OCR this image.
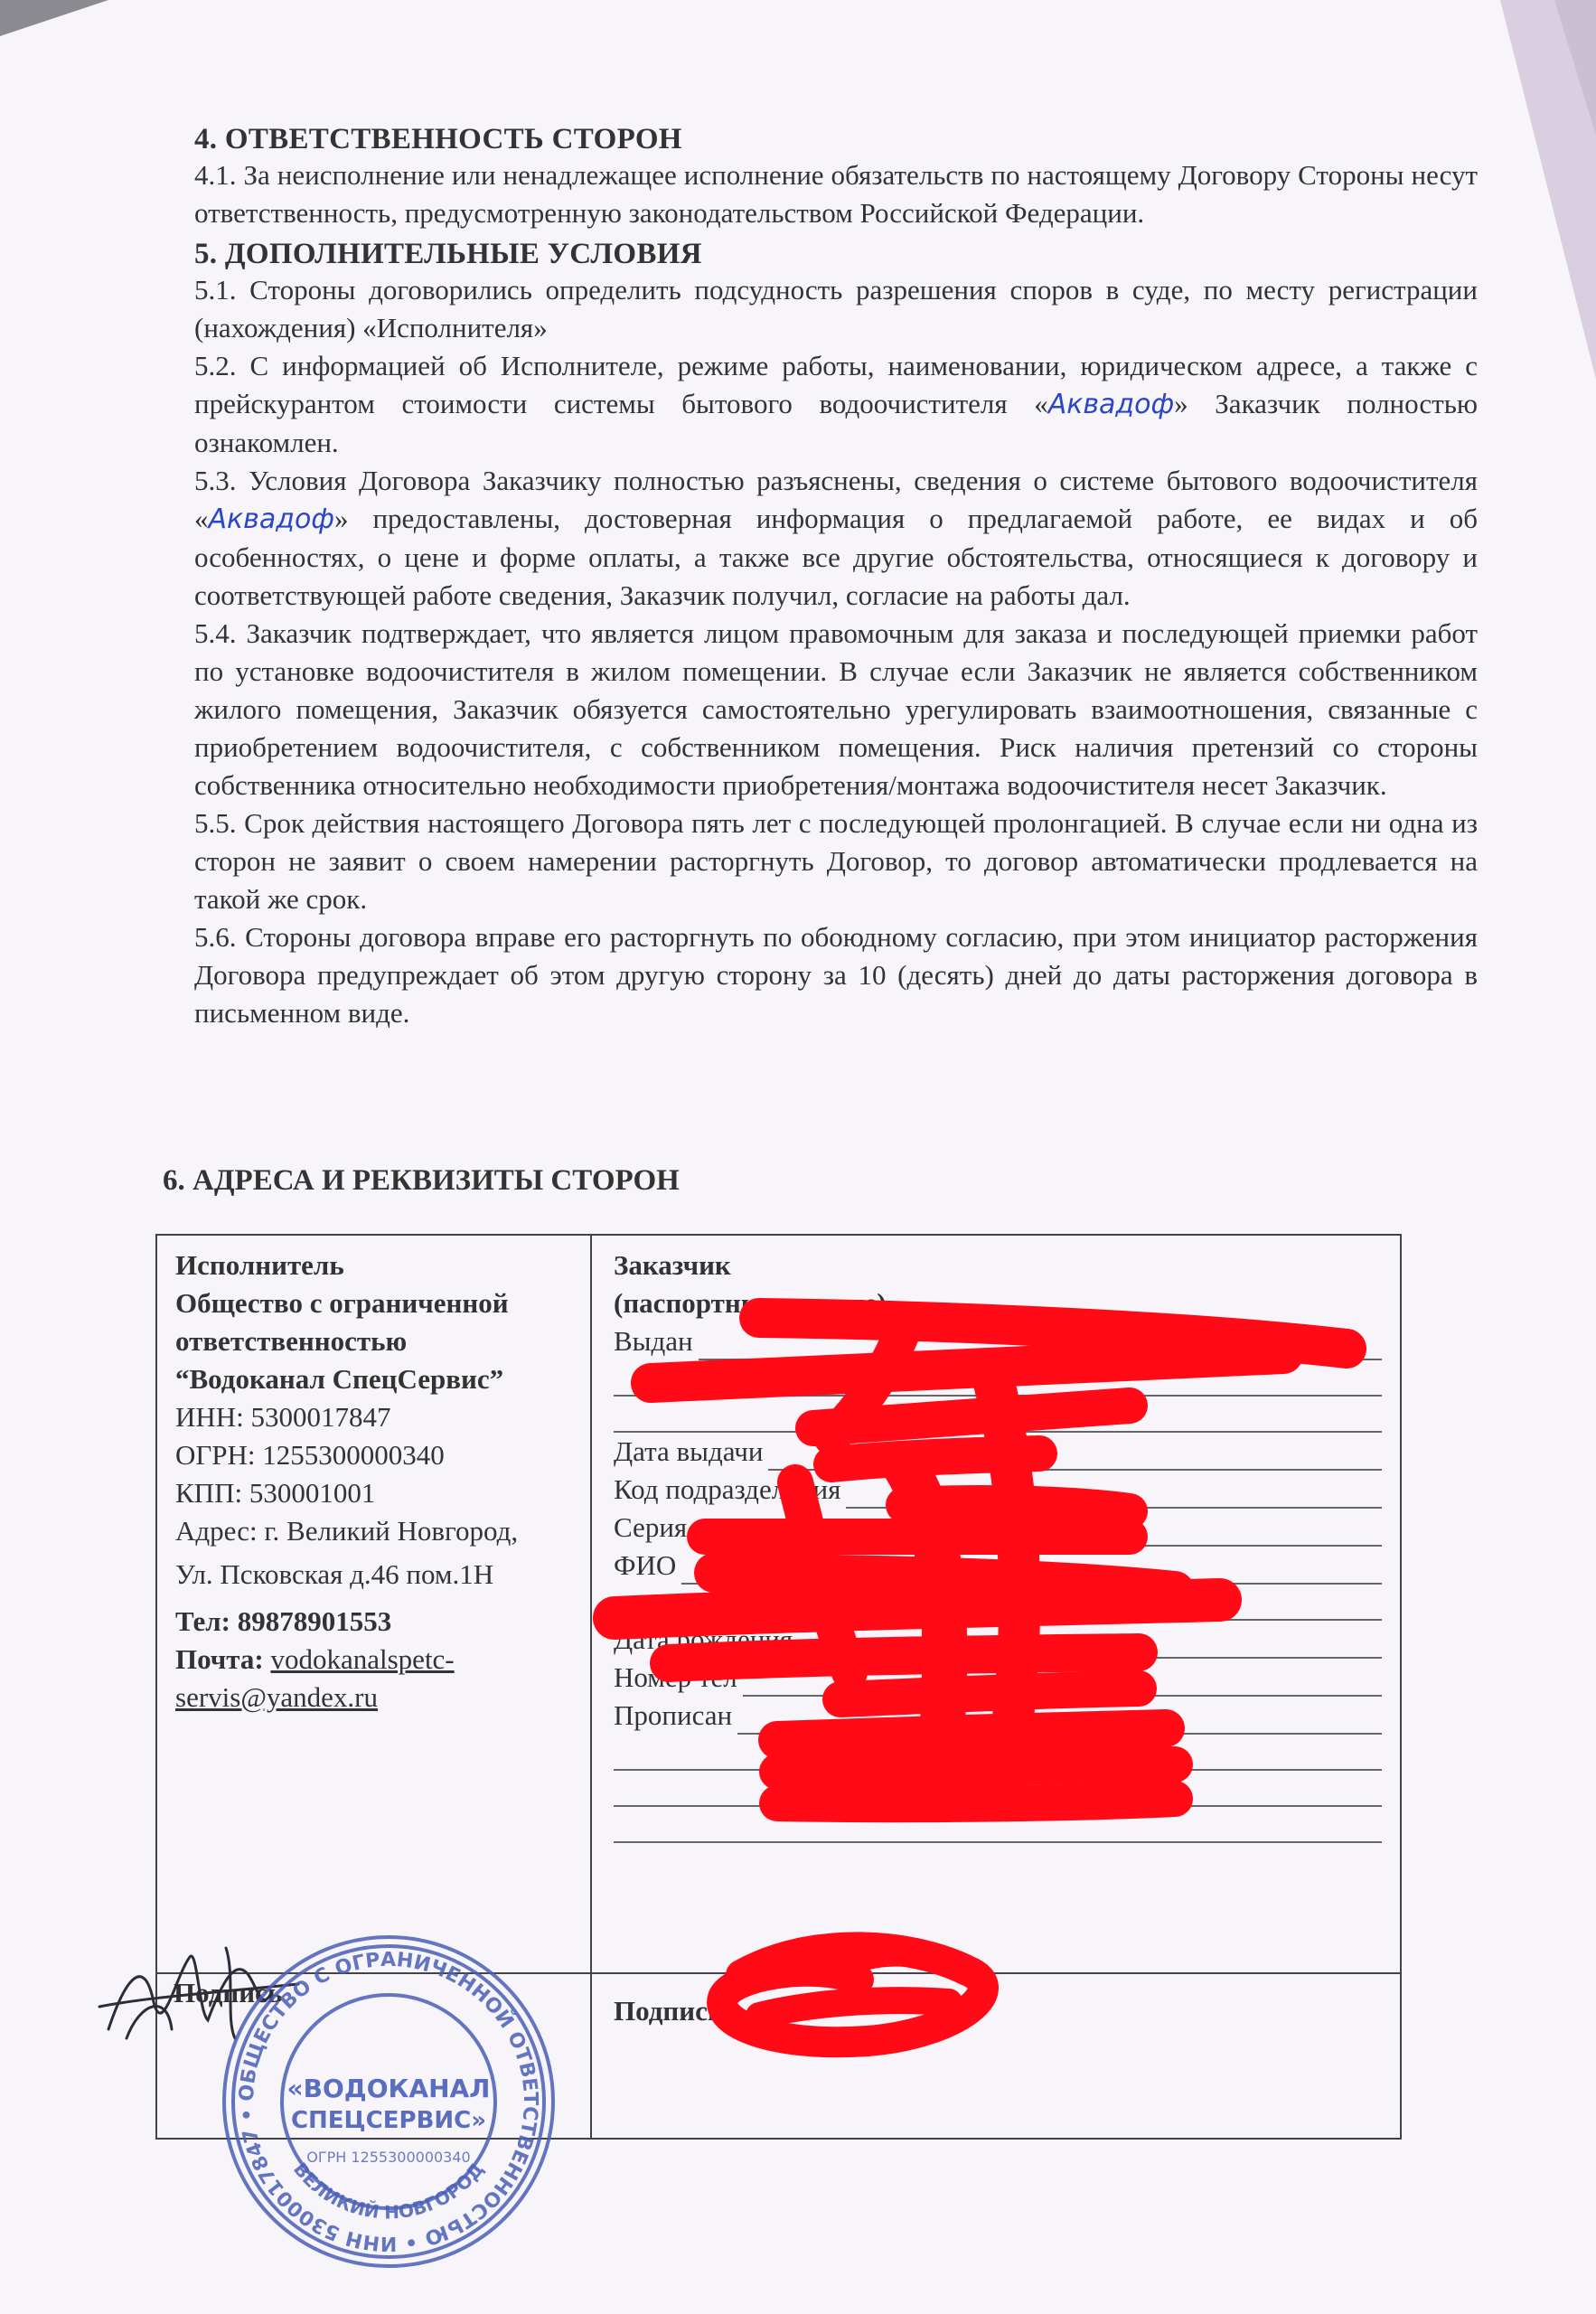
4. ОТВЕТСТВЕННОСТЬ СТОРОН

4.1. За неисполнение или ненадлежащее исполнение обязательств по настоящему Договору Стороны несут ответственность, предусмотренную законодательством Российской Федерации.

5. ДОПОЛНИТЕЛЬНЫЕ УСЛОВИЯ

5.1. Стороны договорились определить подсудность разрешения споров в суде, по месту регистрации (нахождения) «Исполнителя»

5.2. С информацией об Исполнителе, режиме работы, наименовании, юридическом адресе, а также с прейскурантом стоимости системы бытового водоочистителя «Аквадоф» Заказчик полностью ознакомлен.

5.3. Условия Договора Заказчику полностью разъяснены, сведения о системе бытового водоочистителя «Аквадоф» предоставлены, достоверная информация о предлагаемой работе, ее видах и об особенностях, о цене и форме оплаты, а также все другие обстоятельства, относящиеся к договору и соответствующей работе сведения, Заказчик получил, согласие на работы дал.

5.4. Заказчик подтверждает, что является лицом правомочным для заказа и последующей приемки работ по установке водоочистителя в жилом помещении. В случае если Заказчик не является собственником жилого помещения, Заказчик обязуется самостоятельно урегулировать взаимоотношения, связанные с приобретением водоочистителя, с собственником помещения. Риск наличия претензий со стороны собственника относительно необходимости приобретения/монтажа водоочистителя несет Заказчик.

5.5. Срок действия настоящего Договора пять лет с последующей пролонгацией. В случае если ни одна из сторон не заявит о своем намерении расторгнуть Договор, то договор автоматически продлевается на такой же срок.

5.6. Стороны договора вправе его расторгнуть по обоюдному согласию, при этом инициатор расторжения Договора предупреждает об этом другую сторону за 10 (десять) дней до даты расторжения договора в письменном виде.

6. АДРЕСА И РЕКВИЗИТЫ СТОРОН
Исполнитель
Общество с ограниченной
ответственностью
“Водоканал СпецСервис”
ИНН: 5300017847
ОГРН: 1255300000340
КПП: 530001001
Адрес: г. Великий Новгород,
Ул. Псковская д.46 пом.1Н
Тел: 89878901553
Почта: vodokanalspetc-
servis@yandex.ru
Заказчик
(паспортные данные)
Выдан
Дата выдачи
Код подразделения
Серия	№
ФИО
Дата рождения
Номер тел
Прописан
Подпись
Подпись
ОБЩЕСТВО С ОГРАНИЧЕННОЙ ОТВЕТСТВЕННОСТЬЮ • ИНН 5300017847 •
ВЕЛИКИЙ НОВГОРОД
«ВОДОКАНАЛ
СПЕЦСЕРВИС»
ОГРН 1255300000340
